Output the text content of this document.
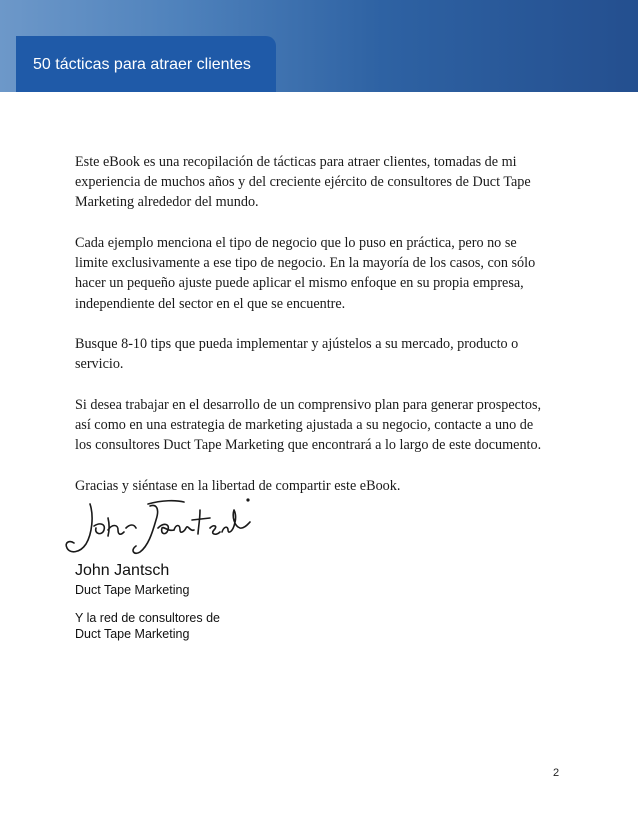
50 tácticas para atraer clientes

Este eBook es una recopilación de tácticas para atraer clientes, tomadas de mi
experiencia de muchos años y del creciente ejército de consultores de Duct Tape
Marketing alrededor del mundo.

Cada ejemplo menciona el tipo de negocio que lo puso en práctica, pero no se
limite exclusivamente a ese tipo de negocio. En la mayoría de los casos, con sólo
hacer un pequeño ajuste puede aplicar el mismo enfoque en su propia empresa,
independiente del sector en el que se encuentre.

Busque 8-10 tips que pueda implementar y ajústelos a su mercado, producto o
servicio.

Si desea trabajar en el desarrollo de un comprensivo plan para generar prospectos,
así como en una estrategia de marketing ajustada a su negocio, contacte a uno de
los consultores Duct Tape Marketing que encontrará a lo largo de este documento.

Gracias y siéntase en la libertad de compartir este eBook.

John Jantsch
Duct Tape Marketing
Y la red de consultores de
Duct Tape Marketing
2
